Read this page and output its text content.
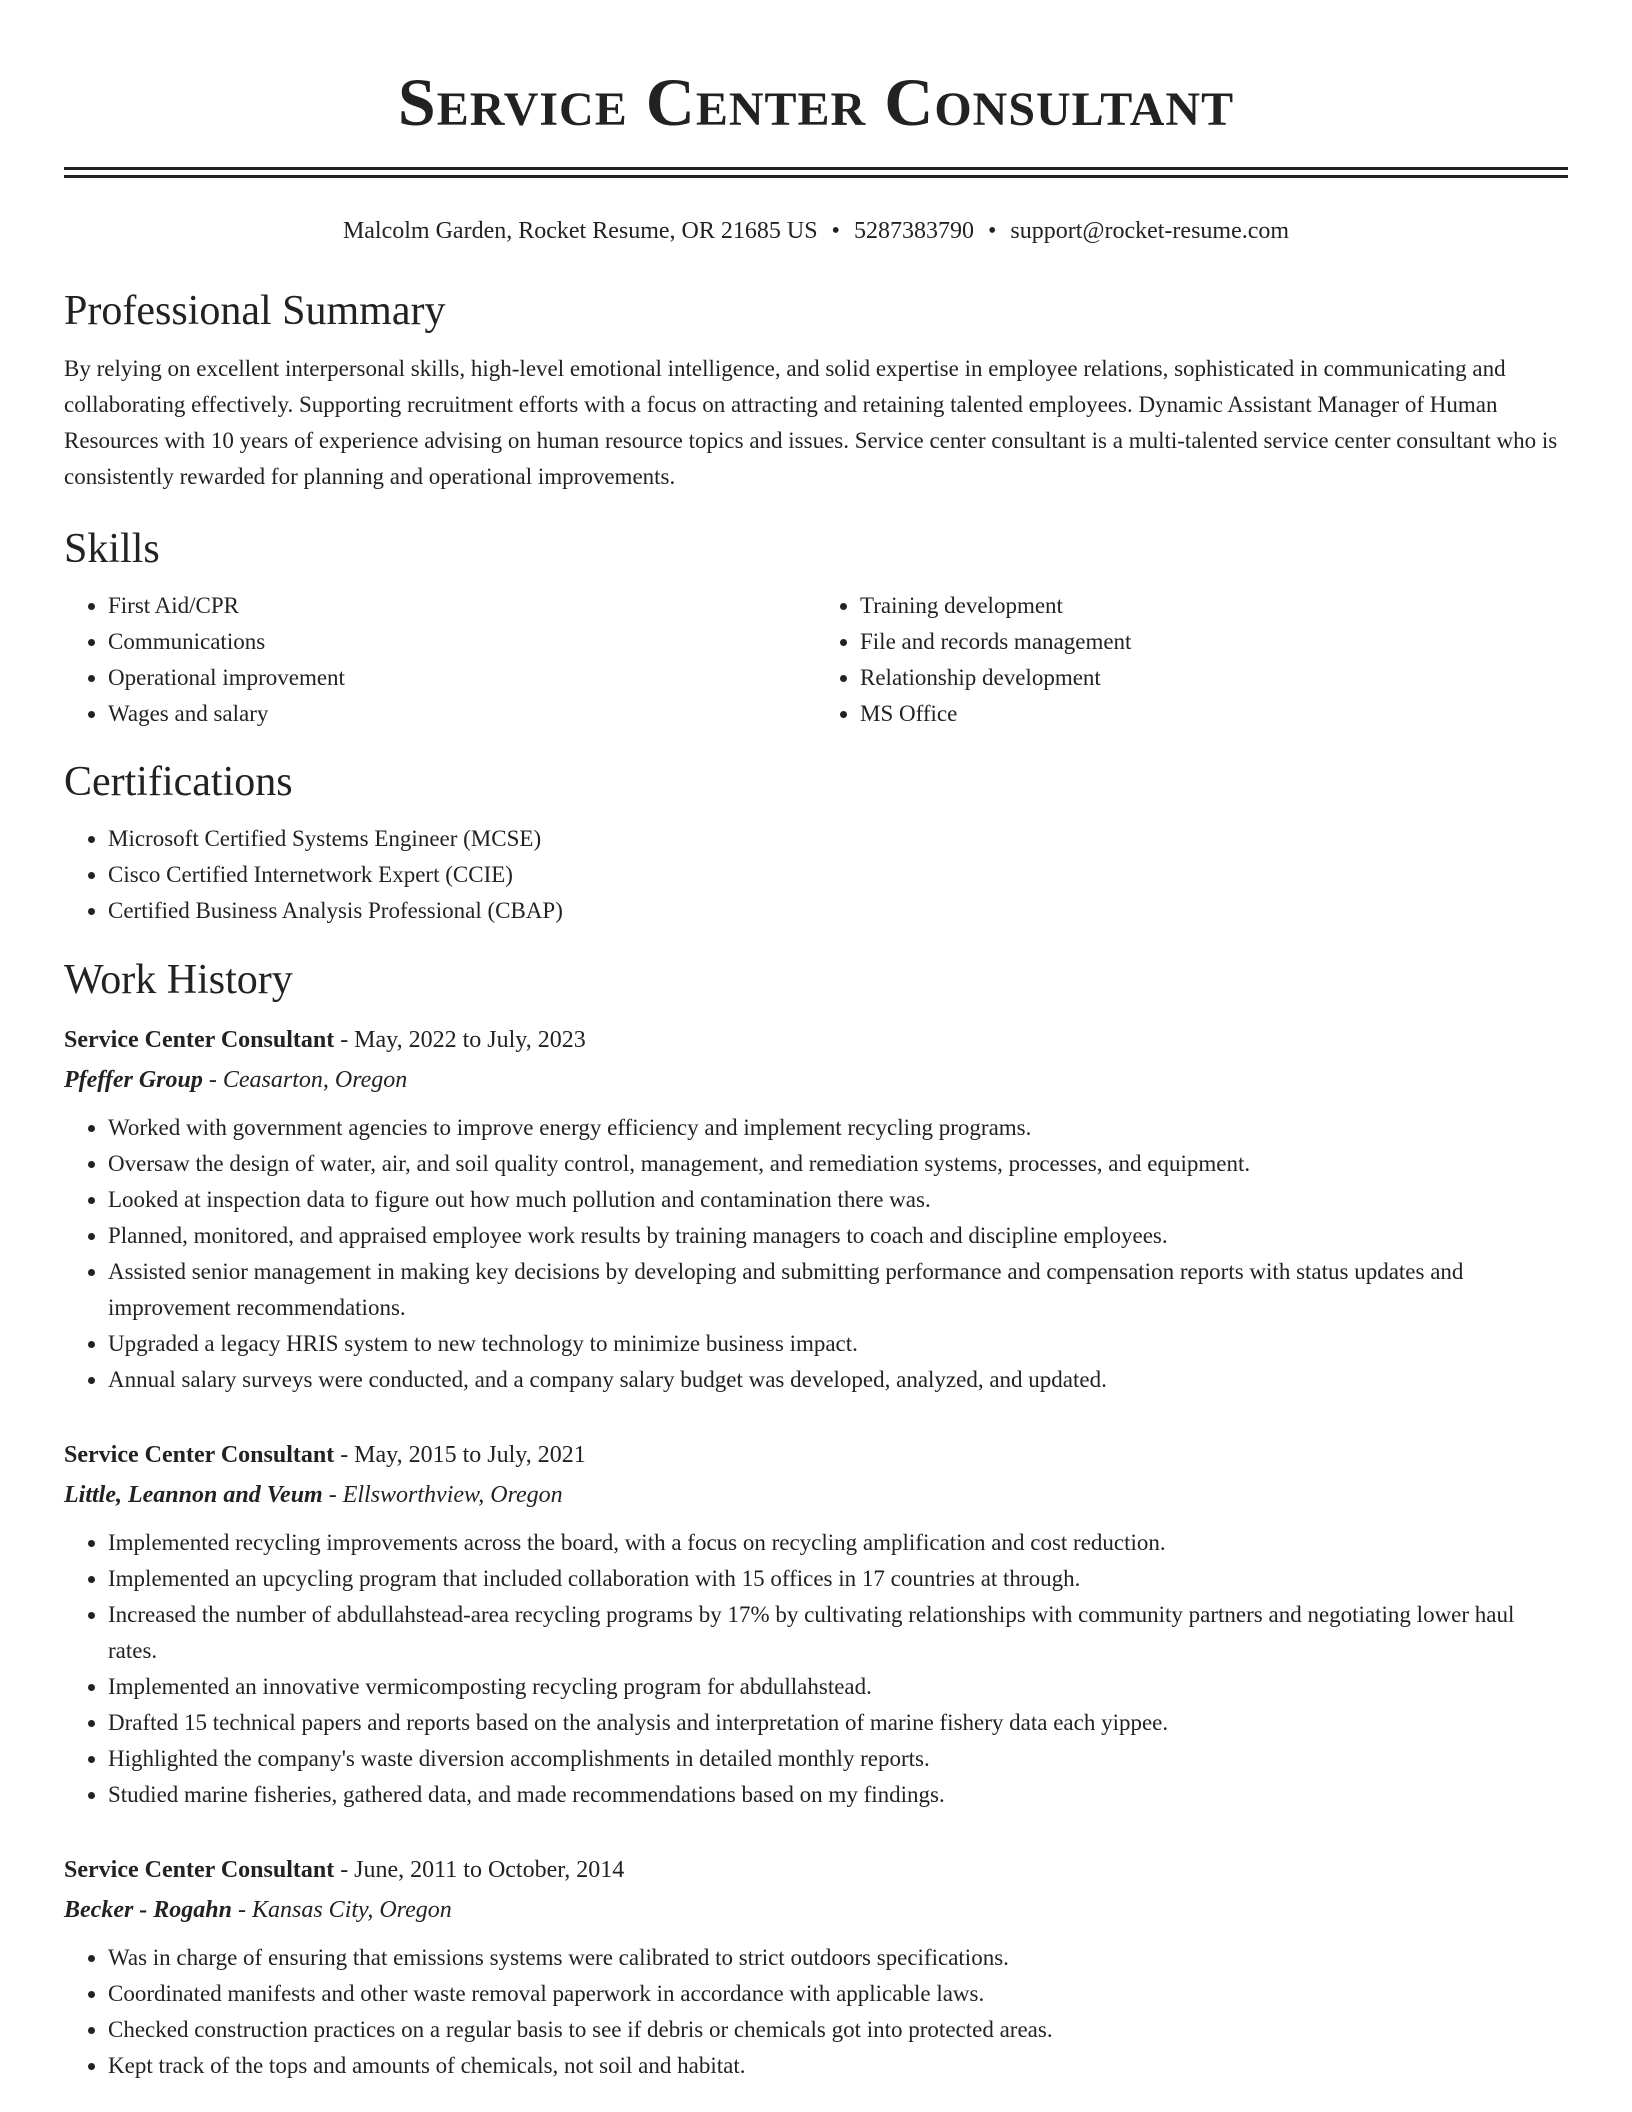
Service Center Consultant
Malcolm Garden, Rocket Resume, OR 21685 US • 5287383790 • support@rocket-resume.com
Professional Summary
By relying on excellent interpersonal skills, high-level emotional intelligence, and solid expertise in employee relations, sophisticated in communicating and collaborating effectively. Supporting recruitment efforts with a focus on attracting and retaining talented employees. Dynamic Assistant Manager of Human Resources with 10 years of experience advising on human resource topics and issues. Service center consultant is a multi-talented service center consultant who is consistently rewarded for planning and operational improvements.
Skills
• First Aid/CPR
• Communications
• Operational improvement
• Wages and salary
• Training development
• File and records management
• Relationship development
• MS Office
Certifications
• Microsoft Certified Systems Engineer (MCSE)
• Cisco Certified Internetwork Expert (CCIE)
• Certified Business Analysis Professional (CBAP)
Work History
Service Center Consultant - May, 2022 to July, 2023
Pfeffer Group - Ceasarton, Oregon
• Worked with government agencies to improve energy efficiency and implement recycling programs.
• Oversaw the design of water, air, and soil quality control, management, and remediation systems, processes, and equipment.
• Looked at inspection data to figure out how much pollution and contamination there was.
• Planned, monitored, and appraised employee work results by training managers to coach and discipline employees.
• Assisted senior management in making key decisions by developing and submitting performance and compensation reports with status updates and improvement recommendations.
• Upgraded a legacy HRIS system to new technology to minimize business impact.
• Annual salary surveys were conducted, and a company salary budget was developed, analyzed, and updated.
Service Center Consultant - May, 2015 to July, 2021
Little, Leannon and Veum - Ellsworthview, Oregon
• Implemented recycling improvements across the board, with a focus on recycling amplification and cost reduction.
• Implemented an upcycling program that included collaboration with 15 offices in 17 countries at through.
• Increased the number of abdullahstead-area recycling programs by 17% by cultivating relationships with community partners and negotiating lower haul rates.
• Implemented an innovative vermicomposting recycling program for abdullahstead.
• Drafted 15 technical papers and reports based on the analysis and interpretation of marine fishery data each yippee.
• Highlighted the company's waste diversion accomplishments in detailed monthly reports.
• Studied marine fisheries, gathered data, and made recommendations based on my findings.
Service Center Consultant - June, 2011 to October, 2014
Becker - Rogahn - Kansas City, Oregon
• Was in charge of ensuring that emissions systems were calibrated to strict outdoors specifications.
• Coordinated manifests and other waste removal paperwork in accordance with applicable laws.
• Checked construction practices on a regular basis to see if debris or chemicals got into protected areas.
• Kept track of the tops and amounts of chemicals, not soil and habitat.
